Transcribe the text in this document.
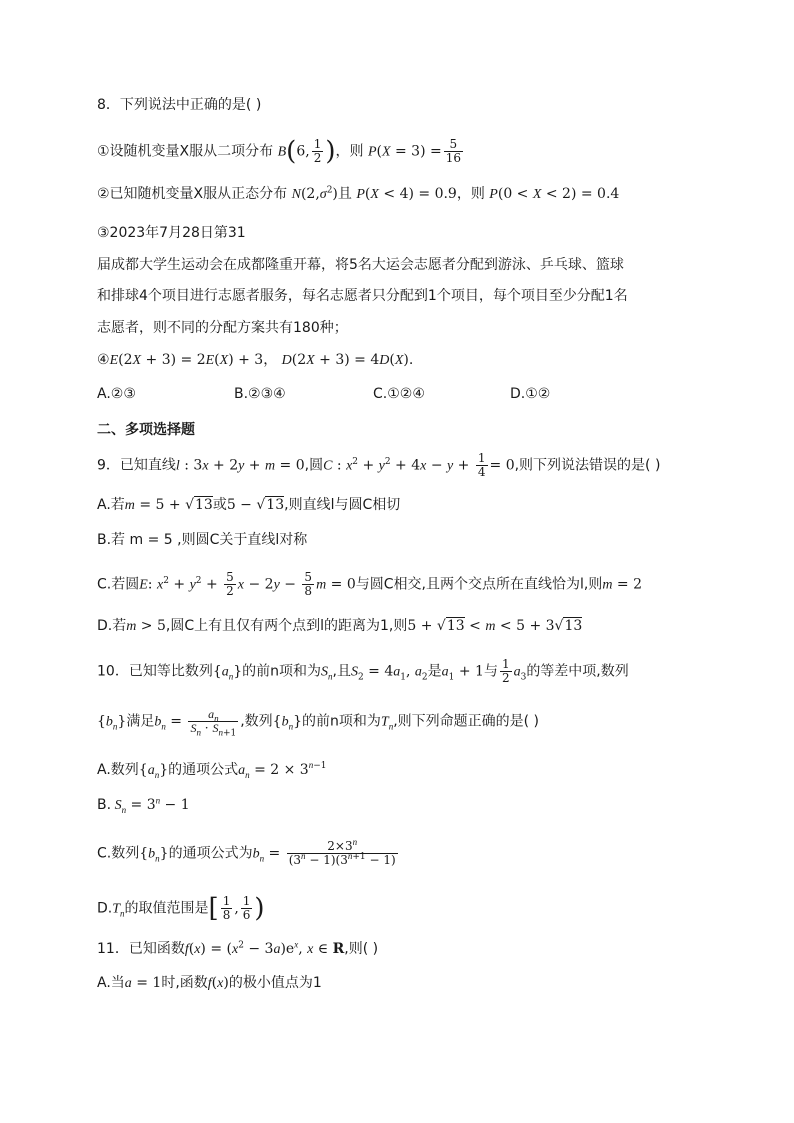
8．下列说法中正确的是( )
①设随机变量X服从二项分布 B(6, $\frac{1}{2}$ )，则 $P(X = 3) = \frac{5}{16}$
②已知随机变量X服从正态分布 $N(2,\sigma^2)$且 P(X < 4) = 0.9，则 P(0 < X < 2) = 0.4
③2023年7月28日第31
届成都大学生运动会在成都隆重开幕，将5名大运会志愿者分配到游泳、乒乓球、篮球
和排球4个项目进行志愿者服务，每名志愿者只分配到1个项目，每个项目至少分配1名
志愿者，则不同的分配方案共有180种；
④E(2X + 3) = 2E(X) + 3， D(2X + 3) = 4D(X).
A.②③	B.②③④	C.①②④	D.①②
二、多项选择题
9．已知直线l : 3x + 2y + m = 0,圆C : $x^2 + y^2 + 4x - y + \frac{1}{4} = 0$,则下列说法错误的是( )
A.若m = 5 + √13或5 − √13,则直线l与圆C相切
B.若 m = 5 ,则圆C关于直线l对称
C.若圆E: $x^2 + y^2 + \frac{5}{2}$ $x - 2y - \frac{5}{8}$ m = 0与圆C相交,且两个交点所在直线恰为l,则m = 2
D.若m > 5,圆C上有且仅有两个点到l的距离为1,则5 + √13 < m < 5 + 3√13
10．已知等比数列$\{a_n\}$的前n项和为$S_n$,且$S_2 = 4a_1$, $a_2$是$a_1 + 1$与 $\frac{1}{2} a_3$的等差中项,数列
$\{b_n\}$满足$b_n = \frac{a_n}{S_n \cdot S_{n+1}}$ ,数列$\{b_n\}$的前n项和为$T_n$,则下列命题正确的是( )
A.数列$\{a_n\}$的通项公式$a_n = 2 \times 3^{n-1}$
B. $S_n = 3^n - 1$
C.数列$\{b_n\}$的通项公式为$b_n = \frac{2\times 3^n}{(3^n - 1)(3^{n+1} - 1)}$
$D.T_n$的取值范围是[ $\frac{1}{8}$ , $\frac{1}{6}$ )
11．已知函数$f(x) = (x^2 - 3a)e^x$, x ∈ R,则( )
A.当a = 1时,函数f(x)的极小值点为1
